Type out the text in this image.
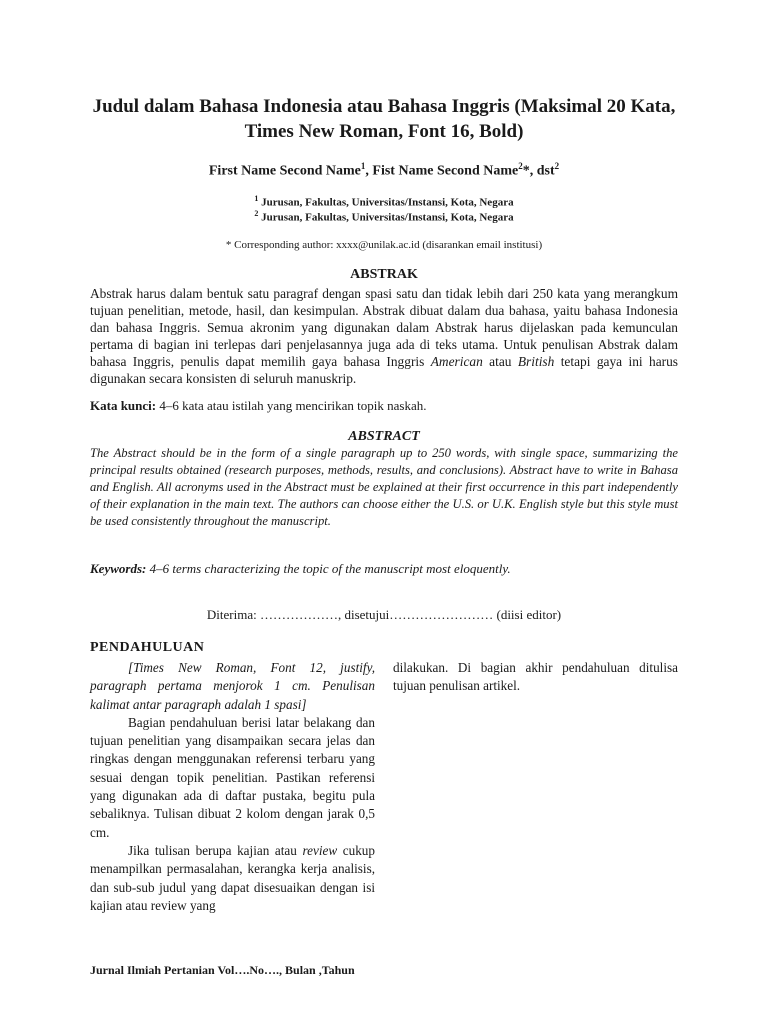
Judul dalam Bahasa Indonesia atau Bahasa Inggris (Maksimal 20 Kata, Times New Roman, Font 16, Bold)
First Name Second Name$^1$, Fist Name Second Name$^2$*, dst$^2$
$^1$ Jurusan, Fakultas, Universitas/Instansi, Kota, Negara
$^2$ Jurusan, Fakultas, Universitas/Instansi, Kota, Negara
* Corresponding author: xxxx@unilak.ac.id (disarankan email institusi)
ABSTRAK

Abstrak harus dalam bentuk satu paragraf dengan spasi satu dan tidak lebih dari 250 kata yang merangkum tujuan penelitian, metode, hasil, dan kesimpulan. Abstrak dibuat dalam dua bahasa, yaitu bahasa Indonesia dan bahasa Inggris. Semua akronim yang digunakan dalam Abstrak harus dijelaskan pada kemunculan pertama di bagian ini terlepas dari penjelasannya juga ada di teks utama. Untuk penulisan Abstrak dalam bahasa Inggris, penulis dapat memilih gaya bahasa Inggris American atau British tetapi gaya ini harus digunakan secara konsisten di seluruh manuskrip.

Kata kunci: 4–6 kata atau istilah yang mencirikan topik naskah.
ABSTRACT

The Abstract should be in the form of a single paragraph up to 250 words, with single space, summarizing the principal results obtained (research purposes, methods, results, and conclusions). Abstract have to write in Bahasa and English. All acronyms used in the Abstract must be explained at their first occurrence in this part independently of their explanation in the main text. The authors can choose either the U.S. or U.K. English style but this style must be used consistently throughout the manuscript.

Keywords: 4–6 terms characterizing the topic of the manuscript most eloquently.
Diterima: ………………, disetujui…………………… (diisi editor)
PENDAHULUAN

[Times New Roman, Font 12, justify, paragraph pertama menjorok 1 cm. Penulisan kalimat antar paragraph adalah 1 spasi]

Bagian pendahuluan berisi latar belakang dan tujuan penelitian yang disampaikan secara jelas dan ringkas dengan menggunakan referensi terbaru yang sesuai dengan topik penelitian. Pastikan referensi yang digunakan ada di daftar pustaka, begitu pula sebaliknya. Tulisan dibuat 2 kolom dengan jarak 0,5 cm.

Jika tulisan berupa kajian atau review cukup menampilkan permasalahan, kerangka kerja analisis, dan sub-sub judul yang dapat disesuaikan dengan isi kajian atau review yang

dilakukan. Di bagian akhir pendahuluan ditulisa tujuan penulisan artikel.

Jurnal Ilmiah Pertanian Vol….No…., Bulan ,Tahun
